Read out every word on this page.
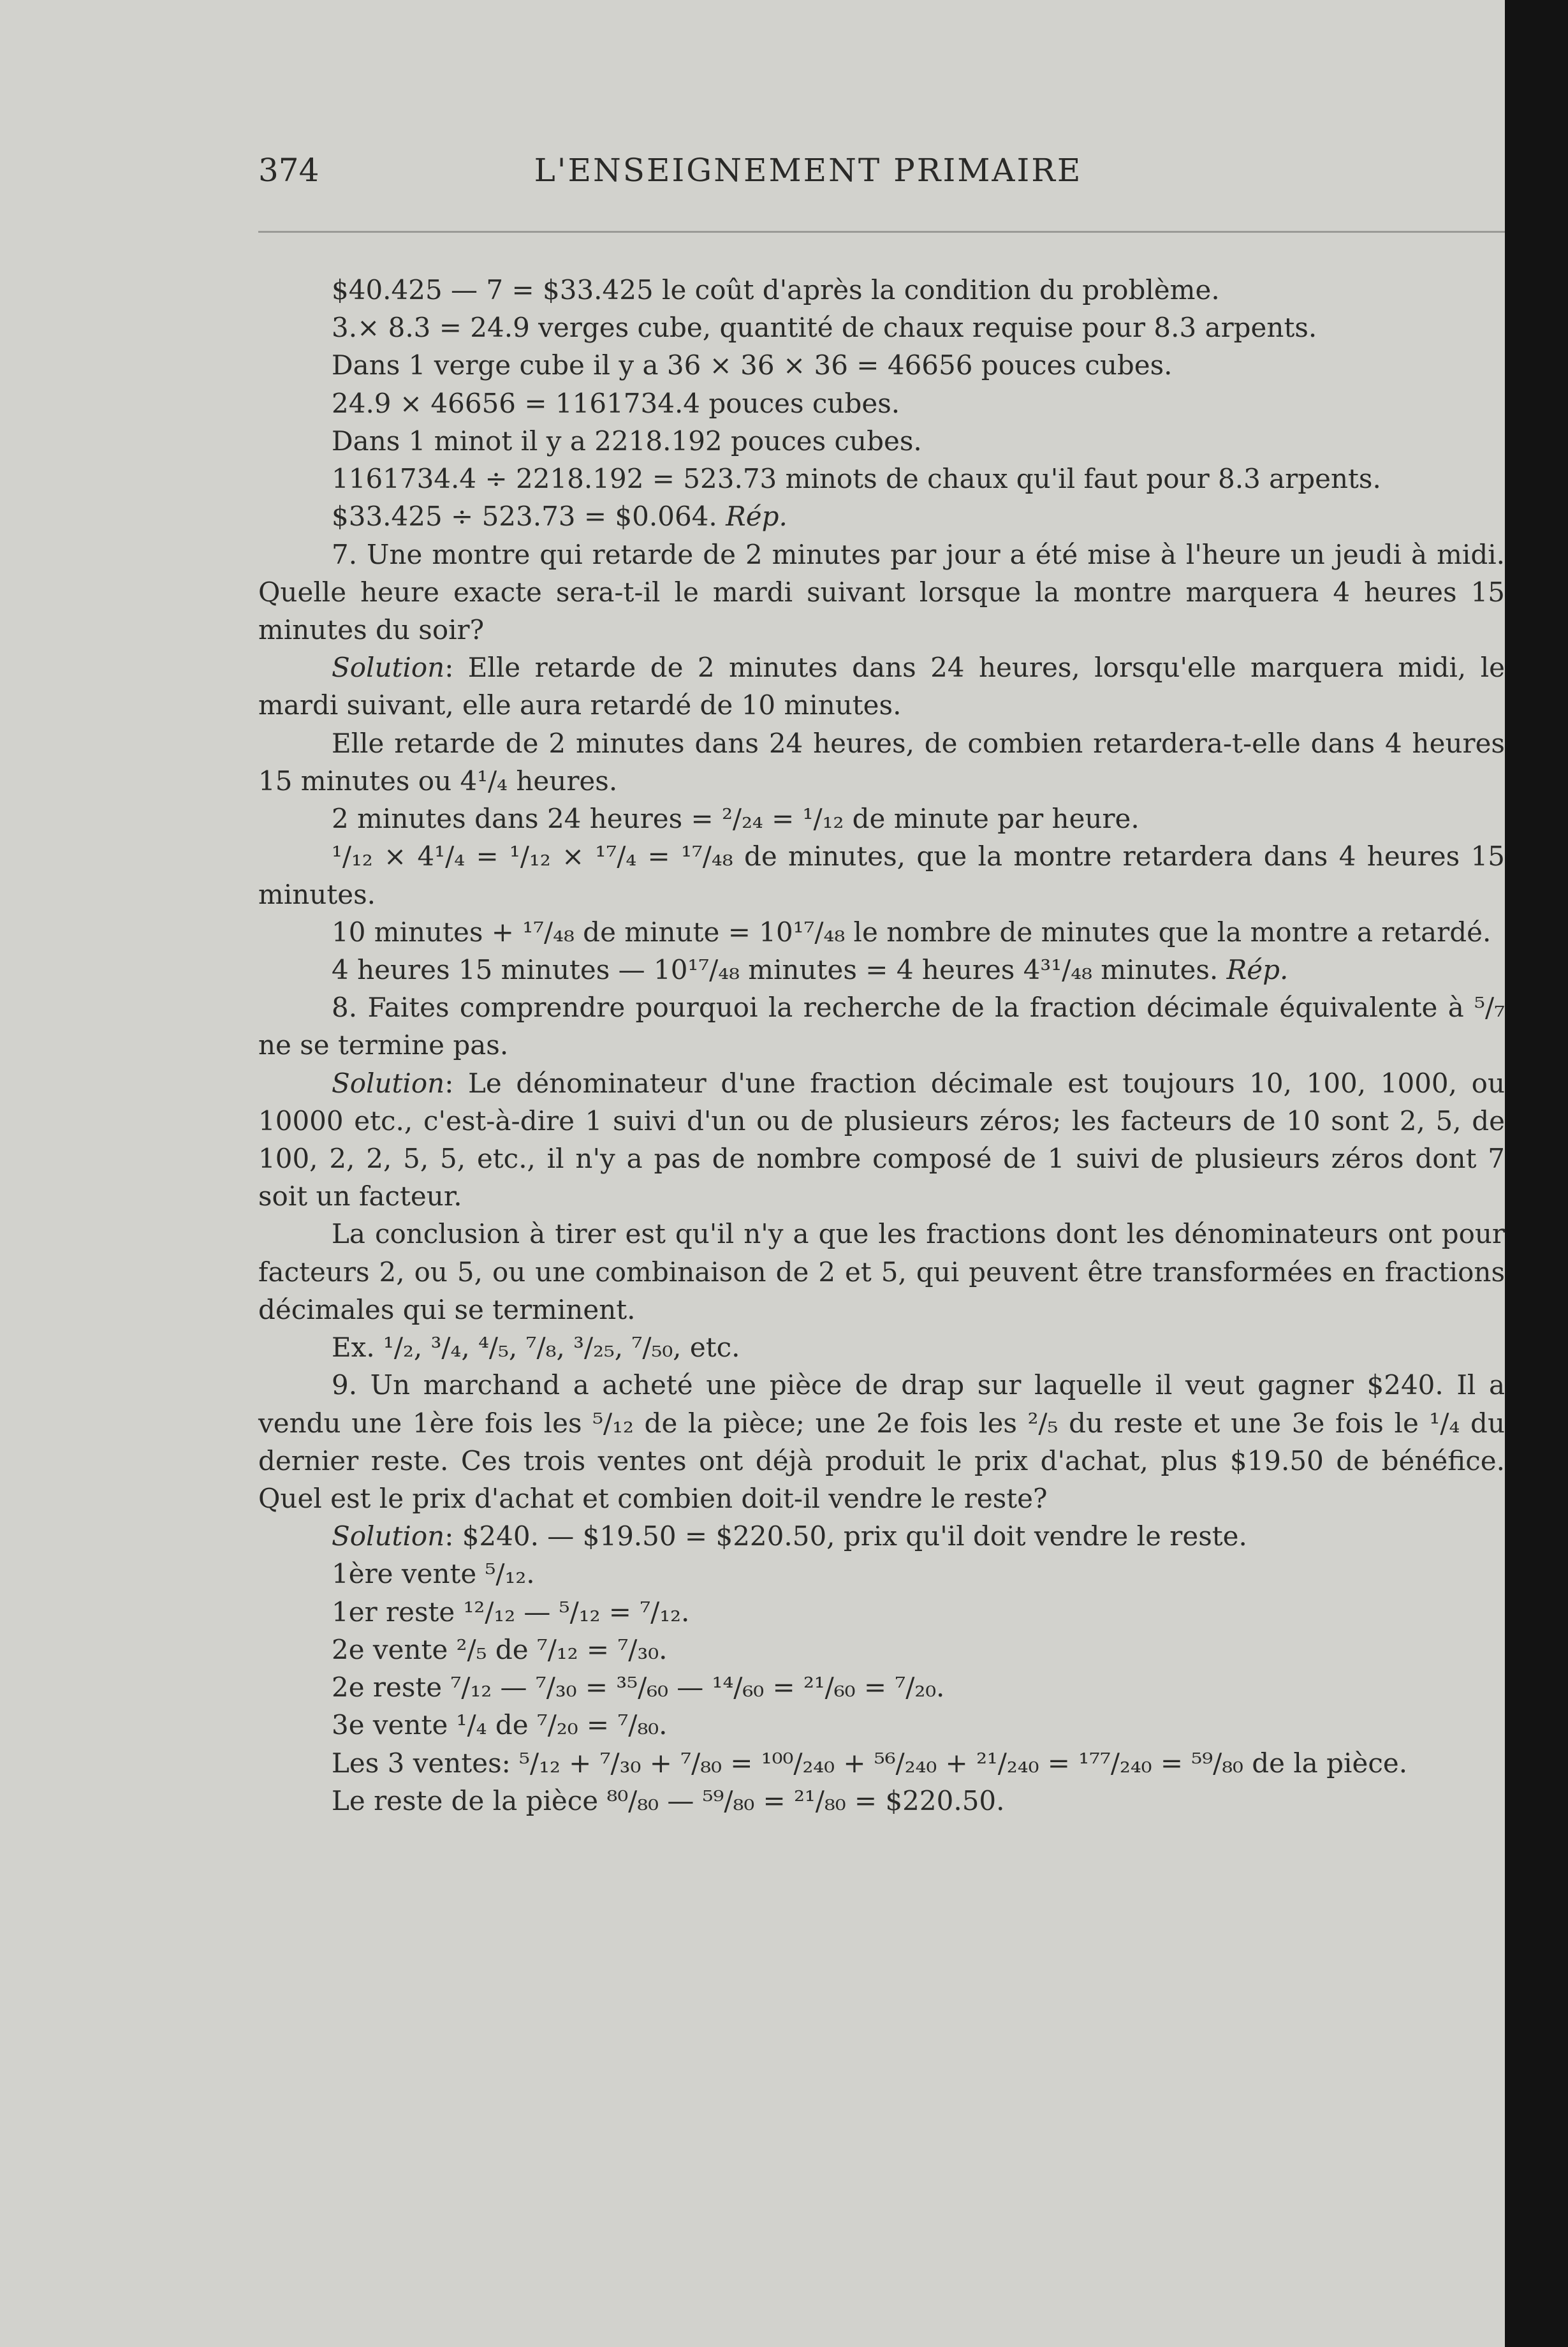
374	L'ENSEIGNEMENT PRIMAIRE

$40.425 — 7 = $33.425 le coût d'après la condition du problème.

3.× 8.3 = 24.9 verges cube, quantité de chaux requise pour 8.3 arpents.

Dans 1 verge cube il y a 36 × 36 × 36 = 46656 pouces cubes.

24.9 × 46656 = 1161734.4 pouces cubes.

Dans 1 minot il y a 2218.192 pouces cubes.

1161734.4 ÷ 2218.192 = 523.73 minots de chaux qu'il faut pour 8.3 arpents.

$33.425 ÷ 523.73 = $0.064. Rép.

7. Une montre qui retarde de 2 minutes par jour a été mise à l'heure un jeudi à midi. Quelle heure exacte sera-t-il le mardi suivant lorsque la montre marquera 4 heures 15 minutes du soir?

Solution: Elle retarde de 2 minutes dans 24 heures, lorsqu'elle marquera midi, le mardi suivant, elle aura retardé de 10 minutes.

Elle retarde de 2 minutes dans 24 heures, de combien retardera-t-elle dans 4 heures 15 minutes ou 4¹/₄ heures.

2 minutes dans 24 heures = ²/₂₄ = ¹/₁₂ de minute par heure.

¹/₁₂ × 4¹/₄ = ¹/₁₂ × ¹⁷/₄ = ¹⁷/₄₈ de minutes, que la montre retardera dans 4 heures 15 minutes.

10 minutes + ¹⁷/₄₈ de minute = 10¹⁷/₄₈ le nombre de minutes que la montre a retardé.

4 heures 15 minutes — 10¹⁷/₄₈ minutes = 4 heures 4³¹/₄₈ minutes. Rép.

8. Faites comprendre pourquoi la recherche de la fraction décimale équivalente à ⁵/₇ ne se termine pas.

Solution: Le dénominateur d'une fraction décimale est toujours 10, 100, 1000, ou 10000 etc., c'est-à-dire 1 suivi d'un ou de plusieurs zéros; les facteurs de 10 sont 2, 5, de 100, 2, 2, 5, 5, etc., il n'y a pas de nombre composé de 1 suivi de plusieurs zéros dont 7 soit un facteur.

La conclusion à tirer est qu'il n'y a que les fractions dont les dénominateurs ont pour facteurs 2, ou 5, ou une combinaison de 2 et 5, qui peuvent être transformées en fractions décimales qui se terminent.

Ex. ¹/₂, ³/₄, ⁴/₅, ⁷/₈, ³/₂₅, ⁷/₅₀, etc.

9. Un marchand a acheté une pièce de drap sur laquelle il veut gagner $240. Il a vendu une 1ère fois les ⁵/₁₂ de la pièce; une 2e fois les ²/₅ du reste et une 3e fois le ¹/₄ du dernier reste. Ces trois ventes ont déjà produit le prix d'achat, plus $19.50 de bénéfice. Quel est le prix d'achat et combien doit-il vendre le reste?

Solution: $240. — $19.50 = $220.50, prix qu'il doit vendre le reste.

1ère vente ⁵/₁₂.

1er reste ¹²/₁₂ — ⁵/₁₂ = ⁷/₁₂.

2e vente ²/₅ de ⁷/₁₂ = ⁷/₃₀.

2e reste ⁷/₁₂ — ⁷/₃₀ = ³⁵/₆₀ — ¹⁴/₆₀ = ²¹/₆₀ = ⁷/₂₀.

3e vente ¹/₄ de ⁷/₂₀ = ⁷/₈₀.

Les 3 ventes: ⁵/₁₂ + ⁷/₃₀ + ⁷/₈₀ = ¹⁰⁰/₂₄₀ + ⁵⁶/₂₄₀ + ²¹/₂₄₀ = ¹⁷⁷/₂₄₀ = ⁵⁹/₈₀ de la pièce.

Le reste de la pièce ⁸⁰/₈₀ — ⁵⁹/₈₀ = ²¹/₈₀ = $220.50.
